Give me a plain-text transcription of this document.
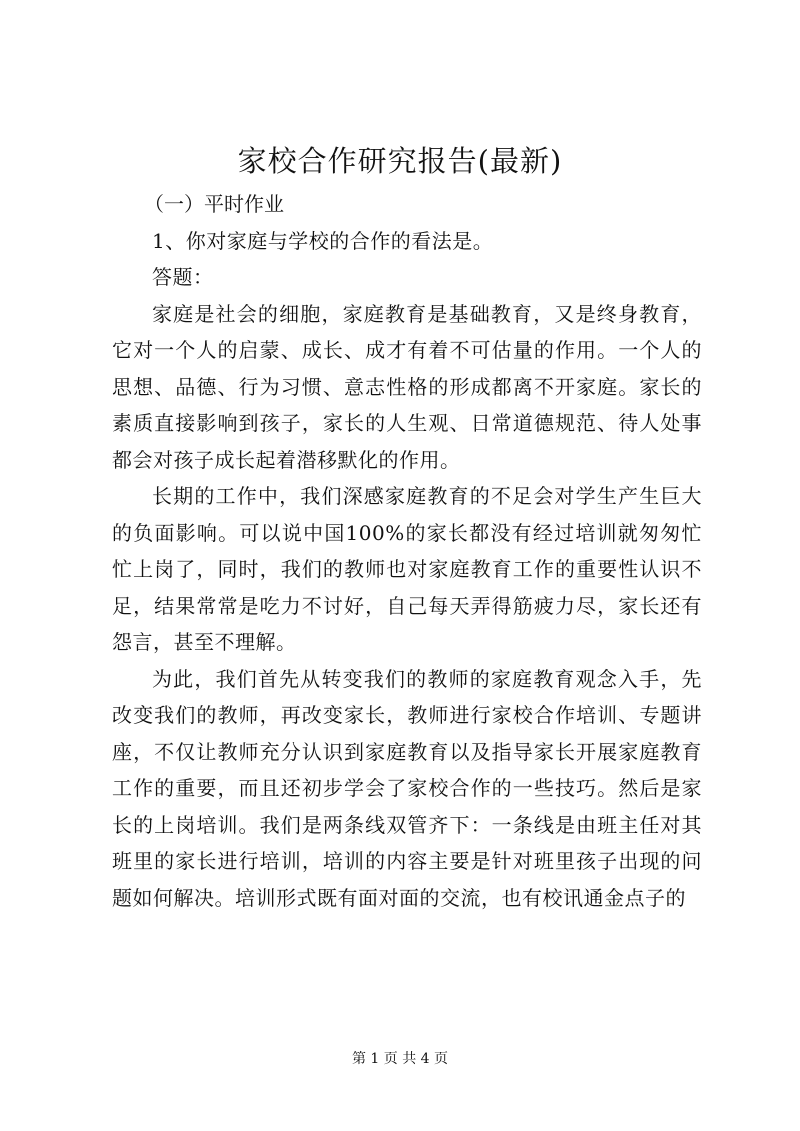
家校合作研究报告(最新)

（一）平时作业

1、你对家庭与学校的合作的看法是。

答题：

家庭是社会的细胞，家庭教育是基础教育，又是终身教育，它对一个人的启蒙、成长、成才有着不可估量的作用。一个人的思想、品德、行为习惯、意志性格的形成都离不开家庭。家长的素质直接影响到孩子，家长的人生观、日常道德规范、待人处事都会对孩子成长起着潜移默化的作用。

长期的工作中，我们深感家庭教育的不足会对学生产生巨大的负面影响。可以说中国100%的家长都没有经过培训就匆匆忙忙上岗了，同时，我们的教师也对家庭教育工作的重要性认识不足，结果常常是吃力不讨好，自己每天弄得筋疲力尽，家长还有怨言，甚至不理解。

为此，我们首先从转变我们的教师的家庭教育观念入手，先改变我们的教师，再改变家长，教师进行家校合作培训、专题讲座，不仅让教师充分认识到家庭教育以及指导家长开展家庭教育工作的重要，而且还初步学会了家校合作的一些技巧。然后是家长的上岗培训。我们是两条线双管齐下：一条线是由班主任对其班里的家长进行培训，培训的内容主要是针对班里孩子出现的问题如何解决。培训形式既有面对面的交流，也有校讯通金点子的

第 1 页 共 4 页
